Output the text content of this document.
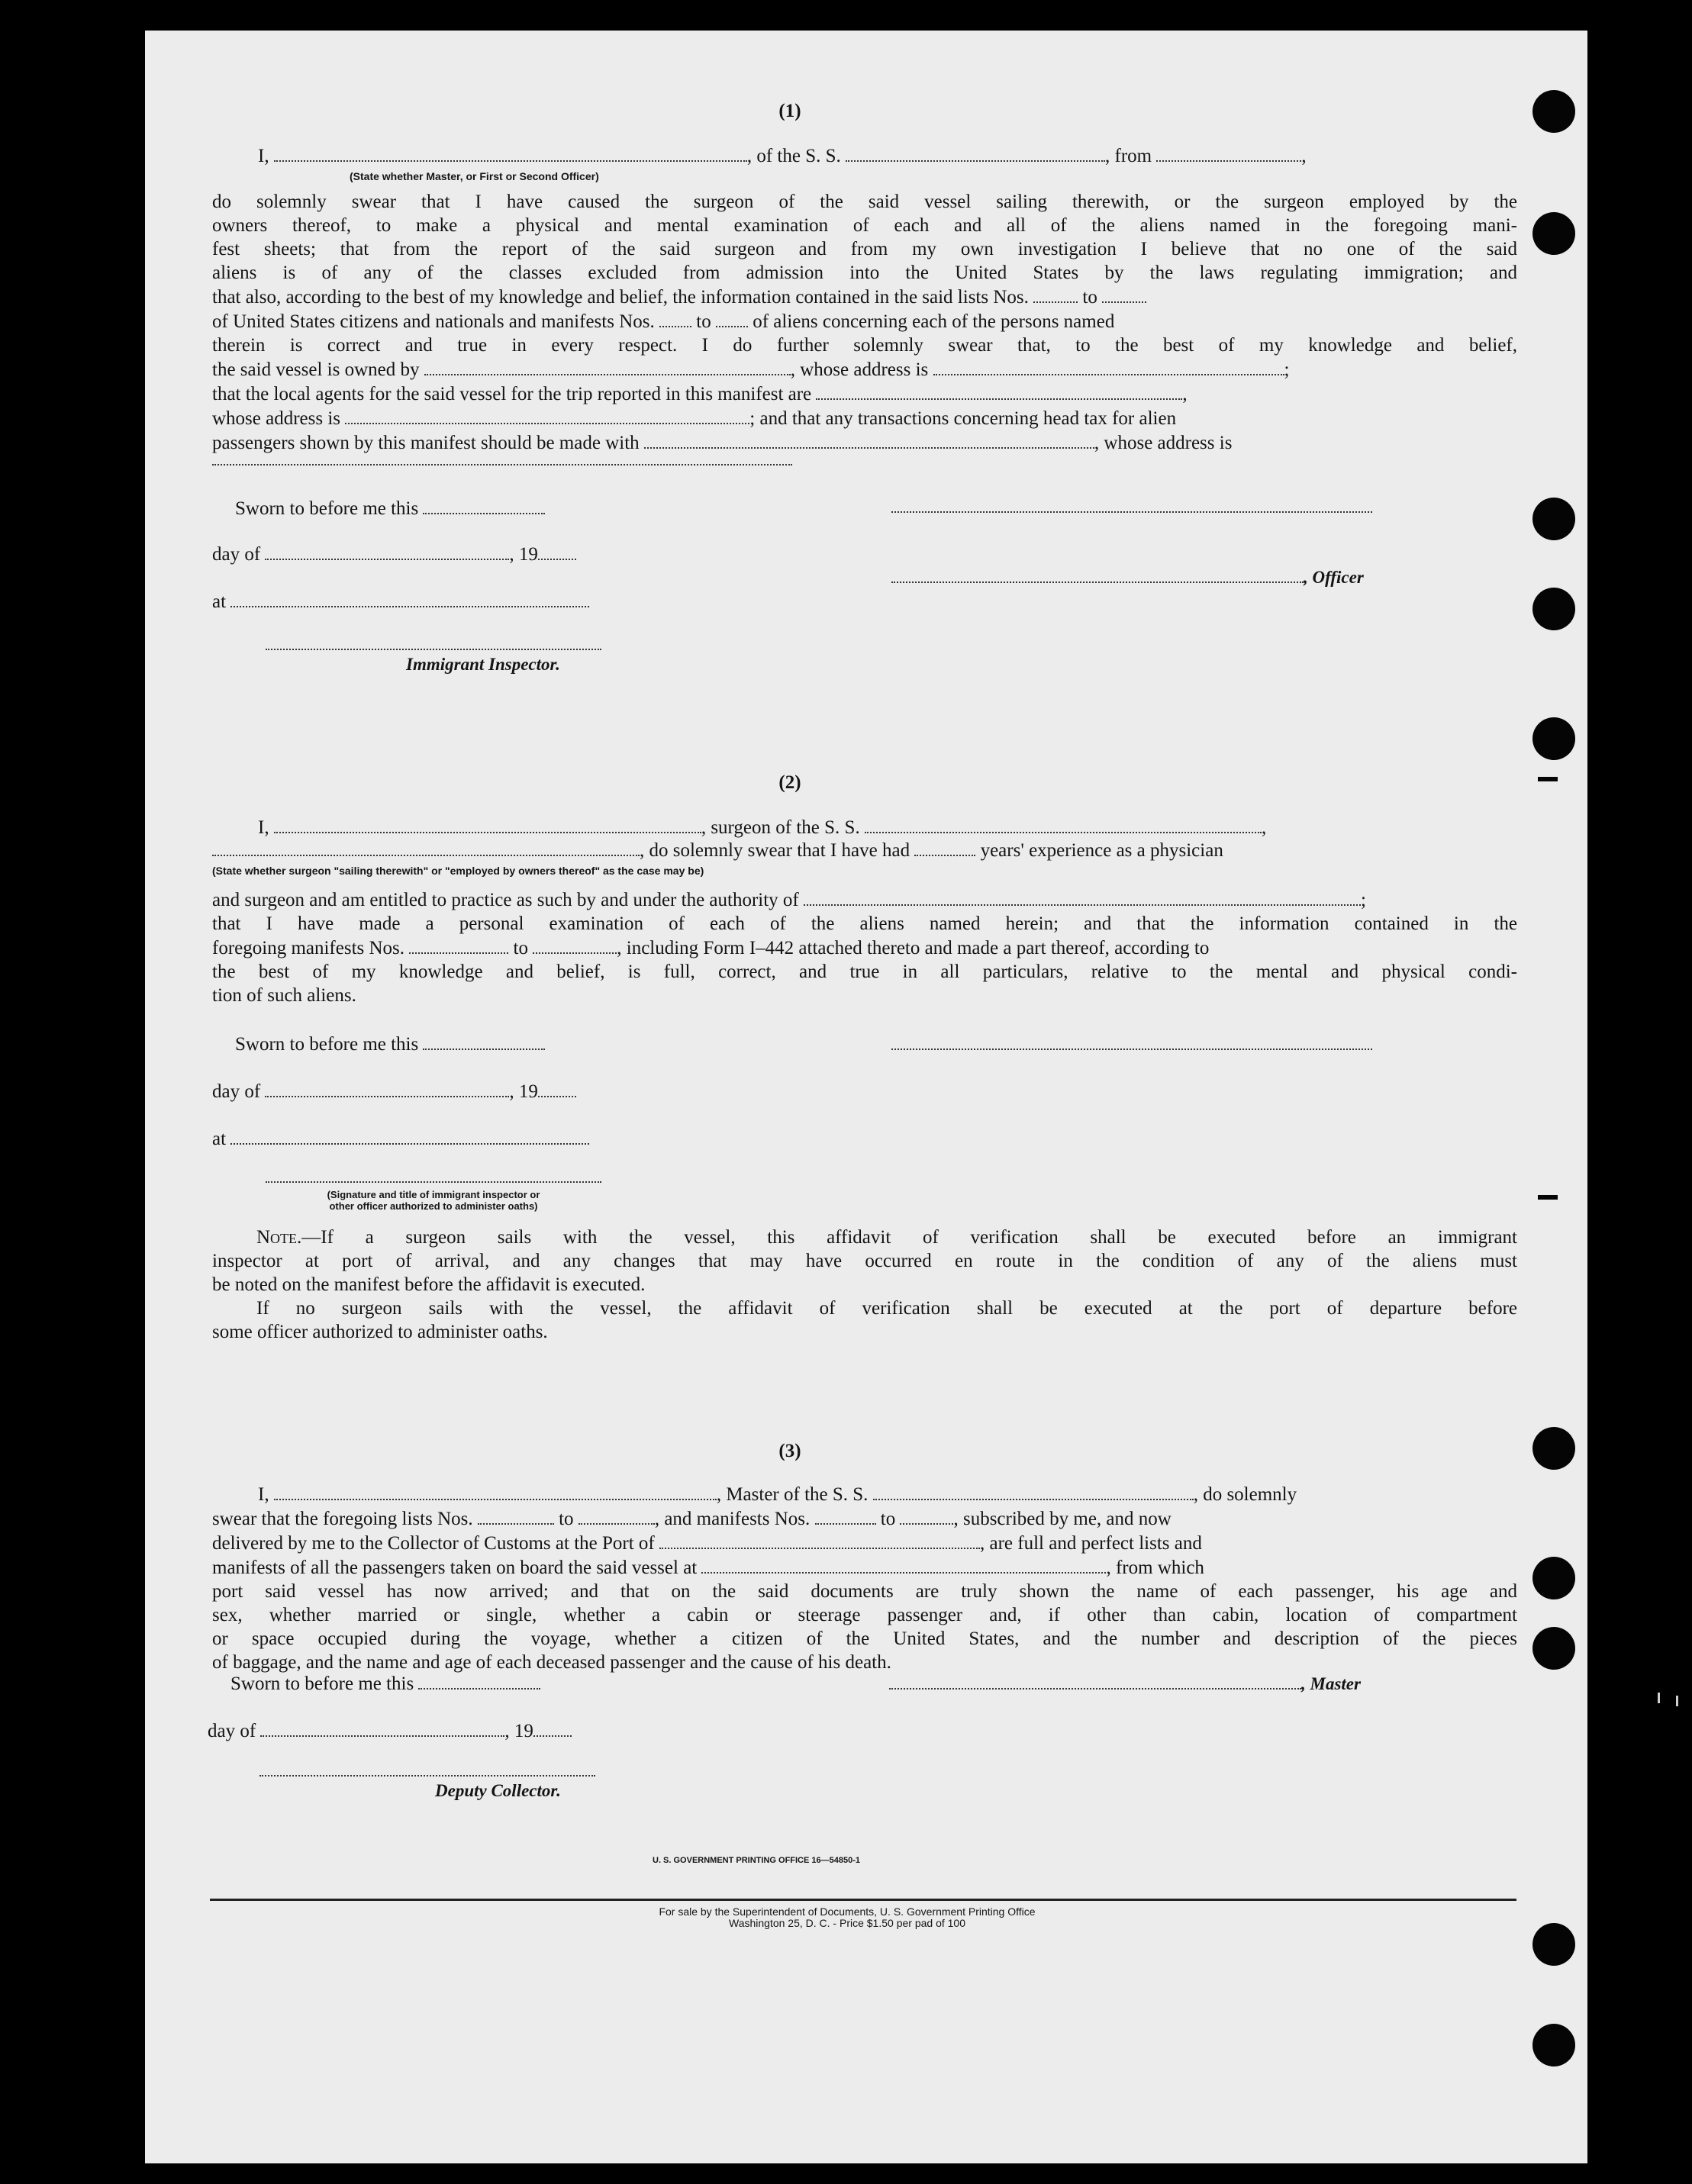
(1)
I,	, of the S. S.	, from	,
(State whether Master, or First or Second Officer)
do solemnly swear that I have caused the surgeon of the said vessel sailing therewith, or the surgeon employed by the
owners thereof, to make a physical and mental examination of each and all of the aliens named in the foregoing mani-
fest sheets; that from the report of the said surgeon and from my own investigation I believe that no one of the said
aliens is of any of the classes excluded from admission into the United States by the laws regulating immigration; and
that also, according to the best of my knowledge and belief, the information contained in the said lists Nos.	to
of United States citizens and nationals and manifests Nos. to of aliens concerning each of the persons named
therein is correct and true in every respect. I do further solemnly swear that, to the best of my knowledge and belief,
the said vessel is owned by	, whose address is	;
that the local agents for the said vessel for the trip reported in this manifest are	,
whose address is	; and that any transactions concerning head tax for alien
passengers shown by this manifest should be made with	, whose address is
Sworn to before me this
day of	, 19
, Officer
at
Immigrant Inspector.
(2)
I,	, surgeon of the S. S.	,
, do solemnly swear that I have had	years' experience as a physician
(State whether surgeon "sailing therewith" or "employed by owners thereof" as the case may be)
and surgeon and am entitled to practice as such by and under the authority of	;
that I have made a personal examination of each of the aliens named herein; and that the information contained in the
foregoing manifests Nos.	to	, including Form I–442 attached thereto and made a part thereof, according to
the best of my knowledge and belief, is full, correct, and true in all particulars, relative to the mental and physical condi-
tion of such aliens.
Sworn to before me this
day of	, 19
at
(Signature and title of immigrant inspector or
other officer authorized to administer oaths)
Note.—If a surgeon sails with the vessel, this affidavit of verification shall be executed before an immigrant
inspector at port of arrival, and any changes that may have occurred en route in the condition of any of the aliens must
be noted on the manifest before the affidavit is executed.
If no surgeon sails with the vessel, the affidavit of verification shall be executed at the port of departure before
some officer authorized to administer oaths.
(3)
I,	, Master of the S. S.	, do solemnly
swear that the foregoing lists Nos.	to	, and manifests Nos.	to	, subscribed by me, and now
delivered by me to the Collector of Customs at the Port of	, are full and perfect lists and
manifests of all the passengers taken on board the said vessel at	, from which
port said vessel has now arrived; and that on the said documents are truly shown the name of each passenger, his age and
sex, whether married or single, whether a cabin or steerage passenger and, if other than cabin, location of compartment
or space occupied during the voyage, whether a citizen of the United States, and the number and description of the pieces
of baggage, and the name and age of each deceased passenger and the cause of his death.
Sworn to before me this	, Master
day of	, 19
Deputy Collector.
U. S. GOVERNMENT PRINTING OFFICE 16—54850-1
For sale by the Superintendent of Documents, U. S. Government Printing Office
Washington 25, D. C. - Price $1.50 per pad of 100
